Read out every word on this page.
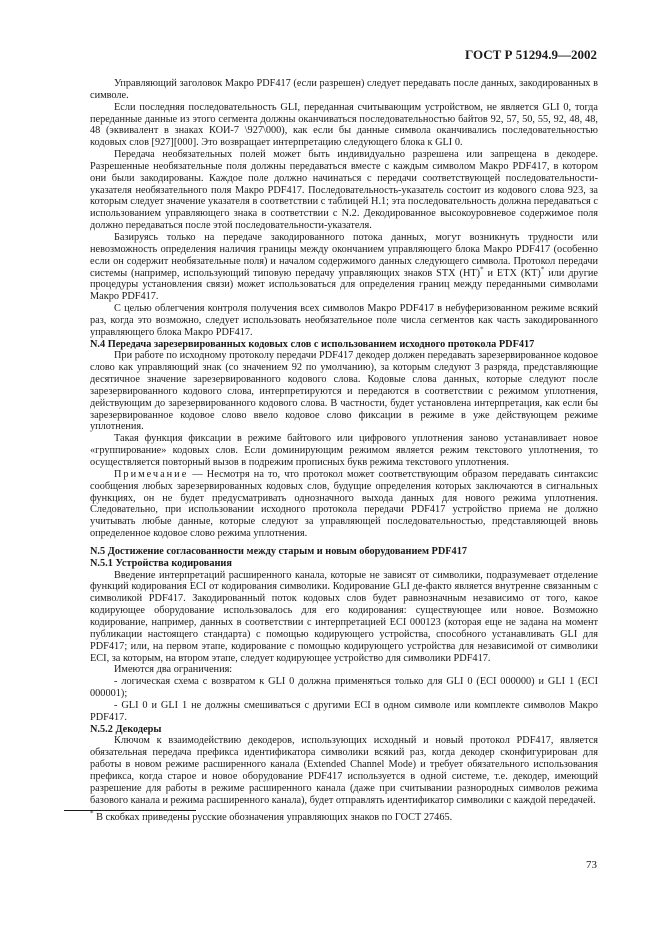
ГОСТ Р 51294.9—2002

Управляющий заголовок Макро PDF417 (если разрешен) следует передавать после данных, закодированных в символе.

Если последняя последовательность GLI, переданная считывающим устройством, не является GLI 0, тогда переданные данные из этого сегмента должны оканчиваться последовательностью байтов 92, 57, 50, 55, 92, 48, 48, 48 (эквивалент в знаках КОИ-7 \927\000), как если бы данные символа оканчивались последовательностью кодовых слов [927][000]. Это возвращает интерпретацию следующего блока к GLI 0.

Передача необязательных полей может быть индивидуально разрешена или запрещена в декодере. Разрешенные необязательные поля должны передаваться вместе с каждым символом Макро PDF417, в котором они были закодированы. Каждое поле должно начинаться с передачи соответствующей последовательности-указателя необязательного поля Макро PDF417. Последовательность-указатель состоит из кодового слова 923, за которым следует значение указателя в соответствии с таблицей Н.1; эта последовательность должна передаваться с использованием управляющего знака в соответствии с N.2. Декодированное высокоуровневое содержимое поля должно передаваться после этой последовательности-указателя.

Базируясь только на передаче закодированного потока данных, могут возникнуть трудности или невозможность определения наличия границы между окончанием управляющего блока Макро PDF417 (особенно если он содержит необязательные поля) и началом содержимого данных следующего символа. Протокол передачи системы (например, использующий типовую передачу управляющих знаков STX (НТ)* и ETX (КТ)* или другие процедуры установления связи) может использоваться для определения границ между переданными символами Макро PDF417.

С целью облегчения контроля получения всех символов Макро PDF417 в небуферизованном режиме всякий раз, когда это возможно, следует использовать необязательное поле числа сегментов как часть закодированного управляющего блока Макро PDF417.

N.4 Передача зарезервированных кодовых слов с использованием исходного протокола PDF417

При работе по исходному протоколу передачи PDF417 декодер должен передавать зарезервированное кодовое слово как управляющий знак (со значением 92 по умолчанию), за которым следуют 3 разряда, представляющие десятичное значение зарезервированного кодового слова. Кодовые слова данных, которые следуют после зарезервированного кодового слова, интерпретируются и передаются в соответствии с режимом уплотнения, действующим до зарезервированного кодового слова. В частности, будет установлена интерпретация, как если бы зарезервированное кодовое слово ввело кодовое слово фиксации в режиме в уже действующем режиме уплотнения.

Такая функция фиксации в режиме байтового или цифрового уплотнения заново устанавливает новое «группирование» кодовых слов. Если доминирующим режимом является режим текстового уплотнения, то осуществляется повторный вызов в подрежим прописных букв режима текстового уплотнения.

Примечание — Несмотря на то, что протокол может соответствующим образом передавать синтаксис сообщения любых зарезервированных кодовых слов, будущие определения которых заключаются в сигнальных функциях, он не будет предусматривать однозначного выхода данных для нового режима уплотнения. Следовательно, при использовании исходного протокола передачи PDF417 устройство приема не должно учитывать любые данные, которые следуют за управляющей последовательностью, представляющей вновь определенное кодовое слово режима уплотнения.

N.5 Достижение согласованности между старым и новым оборудованием PDF417
N.5.1 Устройства кодирования

Введение интерпретаций расширенного канала, которые не зависят от символики, подразумевает отделение функций кодирования ECI от кодирования символики. Кодирование GLI де-факто является внутренне связанным с символикой PDF417. Закодированный поток кодовых слов будет равнозначным независимо от того, какое кодирующее оборудование использовалось для его кодирования: существующее или новое. Возможно кодирование, например, данных в соответствии с интерпретацией ECI 000123 (которая еще не задана на момент публикации настоящего стандарта) с помощью кодирующего устройства, способного устанавливать GLI для PDF417; или, на первом этапе, кодирование с помощью кодирующего устройства для независимой от символики ECI, за которым, на втором этапе, следует кодирующее устройство для символики PDF417.

Имеются два ограничения:

- логическая схема с возвратом к GLI 0 должна применяться только для GLI 0 (ECI 000000) и GLI 1 (ECI 000001);

- GLI 0 и GLI 1 не должны смешиваться с другими ECI в одном символе или комплекте символов Макро PDF417.

N.5.2 Декодеры

Ключом к взаимодействию декодеров, использующих исходный и новый протокол PDF417, является обязательная передача префикса идентификатора символики всякий раз, когда декодер сконфигурирован для работы в новом режиме расширенного канала (Extended Channel Mode) и требует обязательного использования префикса, когда старое и новое оборудование PDF417 используется в одной системе, т.е. декодер, имеющий разрешение для работы в режиме расширенного канала (даже при считывании разнородных символов режима базового канала и режима расширенного канала), будет отправлять идентификатор символики с каждой передачей.

* В скобках приведены русские обозначения управляющих знаков по ГОСТ 27465.
73
